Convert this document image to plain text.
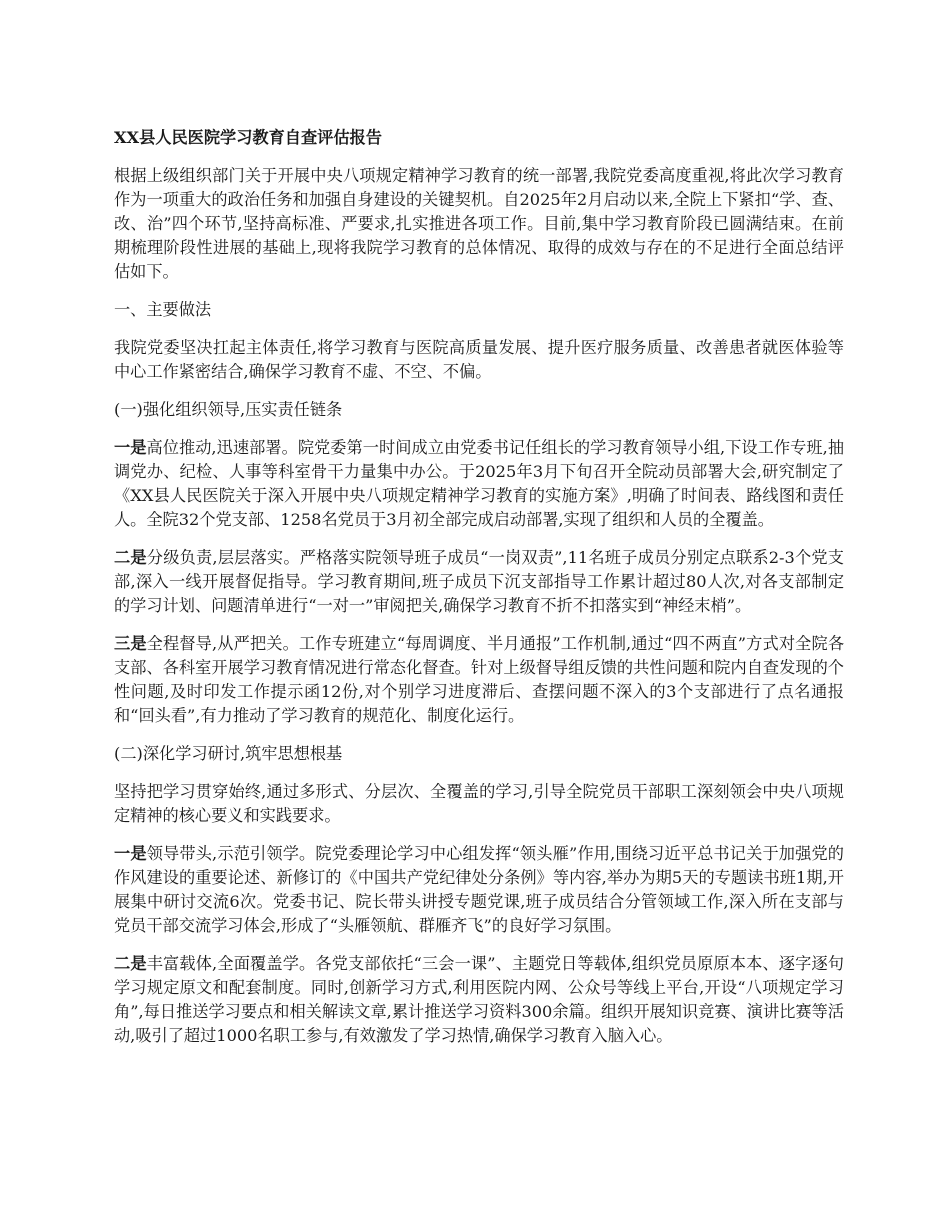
XX县人民医院学习教育自查评估报告

根据上级组织部门关于开展中央八项规定精神学习教育的统一部署,我院党委高度重视,将此次学习教育作为一项重大的政治任务和加强自身建设的关键契机。自2025年2月启动以来,全院上下紧扣“学、查、改、治”四个环节,坚持高标准、严要求,扎实推进各项工作。目前,集中学习教育阶段已圆满结束。在前期梳理阶段性进展的基础上,现将我院学习教育的总体情况、取得的成效与存在的不足进行全面总结评估如下。

一、主要做法

我院党委坚决扛起主体责任,将学习教育与医院高质量发展、提升医疗服务质量、改善患者就医体验等中心工作紧密结合,确保学习教育不虚、不空、不偏。

(一)强化组织领导,压实责任链条

一是高位推动,迅速部署。院党委第一时间成立由党委书记任组长的学习教育领导小组,下设工作专班,抽调党办、纪检、人事等科室骨干力量集中办公。于2025年3月下旬召开全院动员部署大会,研究制定了《XX县人民医院关于深入开展中央八项规定精神学习教育的实施方案》,明确了时间表、路线图和责任人。全院32个党支部、1258名党员于3月初全部完成启动部署,实现了组织和人员的全覆盖。

二是分级负责,层层落实。严格落实院领导班子成员“一岗双责”,11名班子成员分别定点联系2-3个党支部,深入一线开展督促指导。学习教育期间,班子成员下沉支部指导工作累计超过80人次,对各支部制定的学习计划、问题清单进行“一对一”审阅把关,确保学习教育不折不扣落实到“神经末梢”。

三是全程督导,从严把关。工作专班建立“每周调度、半月通报”工作机制,通过“四不两直”方式对全院各支部、各科室开展学习教育情况进行常态化督查。针对上级督导组反馈的共性问题和院内自查发现的个性问题,及时印发工作提示函12份,对个别学习进度滞后、查摆问题不深入的3个支部进行了点名通报和“回头看”,有力推动了学习教育的规范化、制度化运行。

(二)深化学习研讨,筑牢思想根基

坚持把学习贯穿始终,通过多形式、分层次、全覆盖的学习,引导全院党员干部职工深刻领会中央八项规定精神的核心要义和实践要求。

一是领导带头,示范引领学。院党委理论学习中心组发挥“领头雁”作用,围绕习近平总书记关于加强党的作风建设的重要论述、新修订的《中国共产党纪律处分条例》等内容,举办为期5天的专题读书班1期,开展集中研讨交流6次。党委书记、院长带头讲授专题党课,班子成员结合分管领域工作,深入所在支部与党员干部交流学习体会,形成了“头雁领航、群雁齐飞”的良好学习氛围。

二是丰富载体,全面覆盖学。各党支部依托“三会一课”、主题党日等载体,组织党员原原本本、逐字逐句学习规定原文和配套制度。同时,创新学习方式,利用医院内网、公众号等线上平台,开设“八项规定学习角”,每日推送学习要点和相关解读文章,累计推送学习资料300余篇。组织开展知识竞赛、演讲比赛等活动,吸引了超过1000名职工参与,有效激发了学习热情,确保学习教育入脑入心。
